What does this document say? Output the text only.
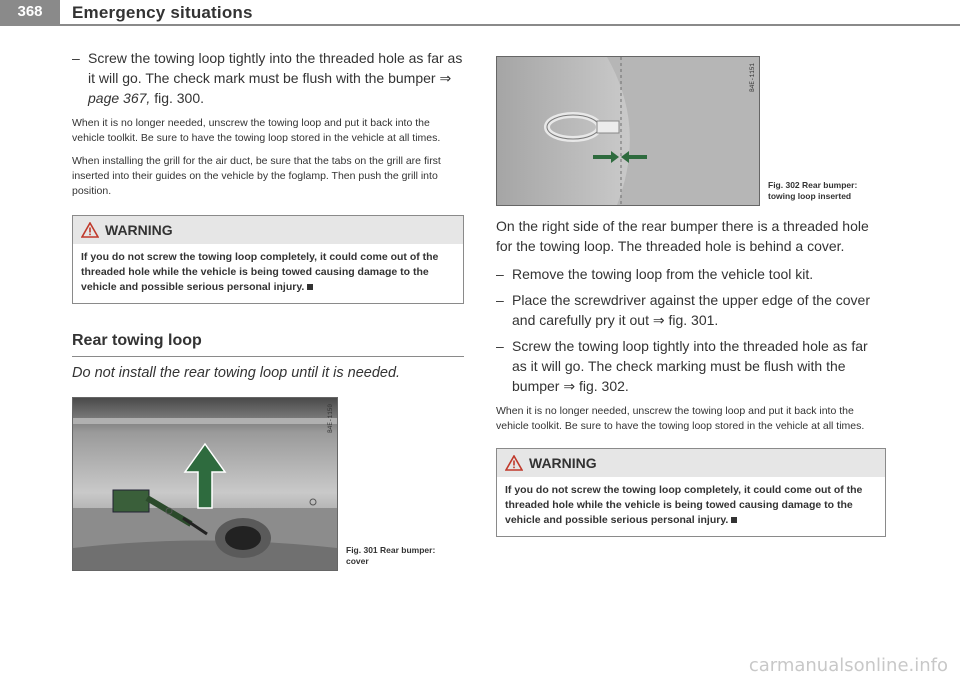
368	Emergency situations
– Screw the towing loop tightly into the threaded hole as far as it will go. The check mark must be flush with the bumper ⇒ page 367, fig. 300.

When it is no longer needed, unscrew the towing loop and put it back into the vehicle toolkit. Be sure to have the towing loop stored in the vehicle at all times.

When installing the grill for the air duct, be sure that the tabs on the grill are first inserted into their guides on the vehicle by the foglamp. Then push the grill into position.

WARNING
If you do not screw the towing loop completely, it could come out of the threaded hole while the vehicle is being towed causing damage to the vehicle and possible serious personal injury.
Rear towing loop
Do not install the rear towing loop until it is needed.
B4E-1150
Fig. 301 Rear bumper: cover
B4E-1151
Fig. 302 Rear bumper: towing loop inserted

On the right side of the rear bumper there is a threaded hole for the towing loop. The threaded hole is behind a cover.

– Remove the towing loop from the vehicle tool kit.
– Place the screwdriver against the upper edge of the cover and carefully pry it out ⇒ fig. 301.
– Screw the towing loop tightly into the threaded hole as far as it will go. The check marking must be flush with the bumper ⇒ fig. 302.

When it is no longer needed, unscrew the towing loop and put it back into the vehicle toolkit. Be sure to have the towing loop stored in the vehicle at all times.

WARNING
If you do not screw the towing loop completely, it could come out of the threaded hole while the vehicle is being towed causing damage to the vehicle and possible serious personal injury.
carmanualsonline.info
